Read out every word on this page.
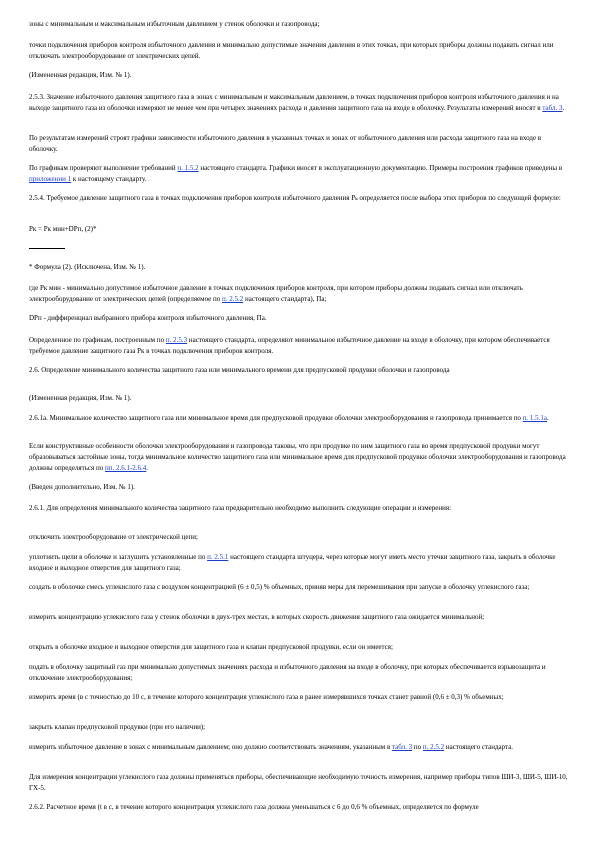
зоны с минимальным и максимальным избыточным давлением у стенок оболочки и газопровода;

точки подключения приборов контроля избыточного давления и минимально допустимые значения давления в этих точках, при которых приборы должны подавать сигнал или отключать электрооборудование от электрических цепей.

(Измененная редакция, Изм. № 1).

2.5.3. Значение избыточного давления защитного газа в зонах с минимальным и максимальным давлением, в точках подключения приборов контроля избыточного давления и на выходе защитного газа из оболочки измеряют не менее чем при четырех значениях расхода и давления защитного газа на входе в оболочку. Результаты измерений вносят в табл. 3.

По результатам измерений строят графики зависимости избыточного давления в указанных точках и зонах от избыточного давления или расхода защитного газа на входе в оболочку.

По графикам проверяют выполнение требований п. 1.5.2 настоящего стандарта. Графики вносят в эксплуатационную документацию. Примеры построения графиков приведены в приложении 1 к настоящему стандарту.

2.5.4. Требуемое давление защитного газа в точках подключения приборов контроля избыточного давления Рₖ определяется после выбора этих приборов по следующей формуле:

Pк = Pк мин+DPп, (2)*

* Формула (2). (Исключена, Изм. № 1).

где Pк мин - минимально допустимое избыточное давление в точках подключения приборов контроля, при котором приборы должны подавать сигнал или отключать электрооборудование от электрических цепей (определяемое по п. 2.5.2 настоящего стандарта), Па;

DPп - диффиренциал выбранного прибора контроля избыточного давления, Па.

Определенное по графикам, построенным по п. 2.5.3 настоящего стандарта, определяют минимальное избыточное давление на входе в оболочку, при котором обеспечивается требуемое давление защитного газа Pк в точках подключения приборов контроля.

2.6. Определение минимального количества защитного газа или минимального времени для предпусковой продувки оболочки и газопровода

(Измененная редакция, Изм. № 1).

2.6.1а. Минимальное количество защитного газа или минимальное время для предпусковой продувки оболочки электрооборудования и газопровода принимается по п. 1.5.1а.

Если конструктивные особенности оболочки электрооборудования и газопровода таковы, что при продувке по ним защитного газа во время предпусковой продувки могут образовываться застойные зоны, тогда минимальное количество защитного газа или минимальное время для предпусковой продувки оболочки электрооборудования и газопровода должны определяться по пп. 2.6.1-2.6.4.

(Введен дополнительно, Изм. № 1).

2.6.1. Для определения минимального количества защитного газа предварительно необходимо выполнить следующие операции и измерения:

отключить электрооборудование от электрической цепи;

уплотнить щели в оболочке и заглушить установленные по п. 2.5.1 настоящего стандарта штуцера, через которые могут иметь место утечки защитного газа, закрыть в оболочке входное и выходное отверстия для защитного газа;

создать в оболочке смесь углекислого газа с воздухом концентрацией (6 ± 0,5) % объемных, приняв меры для перемешивания при запуске в оболочку углекислого газа;

измерить концентрацию углекислого газа у стенок оболочки в двух-трех местах, в которых скорость движения защитного газа ожидается минимальной;

открыть в оболочке входное и выходное отверстия для защитного газа и клапан предпусковой продувки, если он имеется;

подать в оболочку защитный газ при минимально допустимых значениях расхода и избыточного давления на входе в оболочку, при которых обеспечивается взрывозащита и отключение электрооборудования;

измерить время (в с точностью до 10 с, в течение которого концентрация углекислого газа в ранее измерявшихся точках станет равной (0,6 ± 0,3) % объемных;

закрыть клапан предпусковой продувки (при его наличии);

измерить избыточное давление в зонах с минимальным давлением; оно должно соответствовать значениям, указанным в табл. 3 по п. 2.5.2 настоящего стандарта.

Для измерения концентрации углекислого газа должны применяться приборы, обеспечивающие необходимую точность измерения, например приборы типов ШИ-3, ШИ-5, ШИ-10, ГХ-5.

2.6.2. Расчетное время (t в с, в течение которого концентрация углекислого газа должна уменьшаться с 6 до 0,6 % объемных, определяется по формуле
